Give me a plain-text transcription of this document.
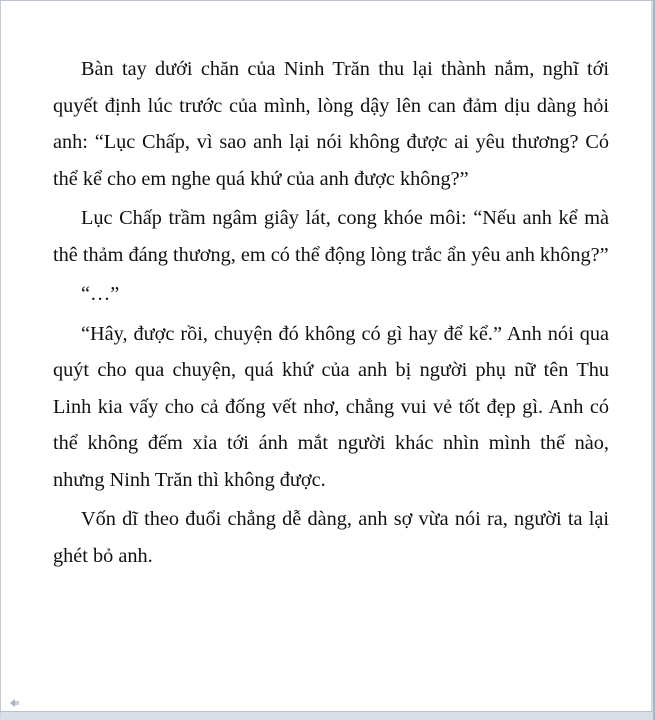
Bàn tay dưới chăn của Ninh Trăn thu lại thành nắm, nghĩ tới quyết định lúc trước của mình, lòng dậy lên can đảm dịu dàng hỏi anh: “Lục Chấp, vì sao anh lại nói không được ai yêu thương? Có thể kể cho em nghe quá khứ của anh được không?”

Lục Chấp trầm ngâm giây lát, cong khóe môi: “Nếu anh kể mà thê thảm đáng thương, em có thể động lòng trắc ẩn yêu anh không?”

“…”

“Hây, được rồi, chuyện đó không có gì hay để kể.” Anh nói qua quýt cho qua chuyện, quá khứ của anh bị người phụ nữ tên Thu Linh kia vấy cho cả đống vết nhơ, chẳng vui vẻ tốt đẹp gì. Anh có thể không đếm xỉa tới ánh mắt người khác nhìn mình thế nào, nhưng Ninh Trăn thì không được.

Vốn dĩ theo đuổi chẳng dễ dàng, anh sợ vừa nói ra, người ta lại ghét bỏ anh.
